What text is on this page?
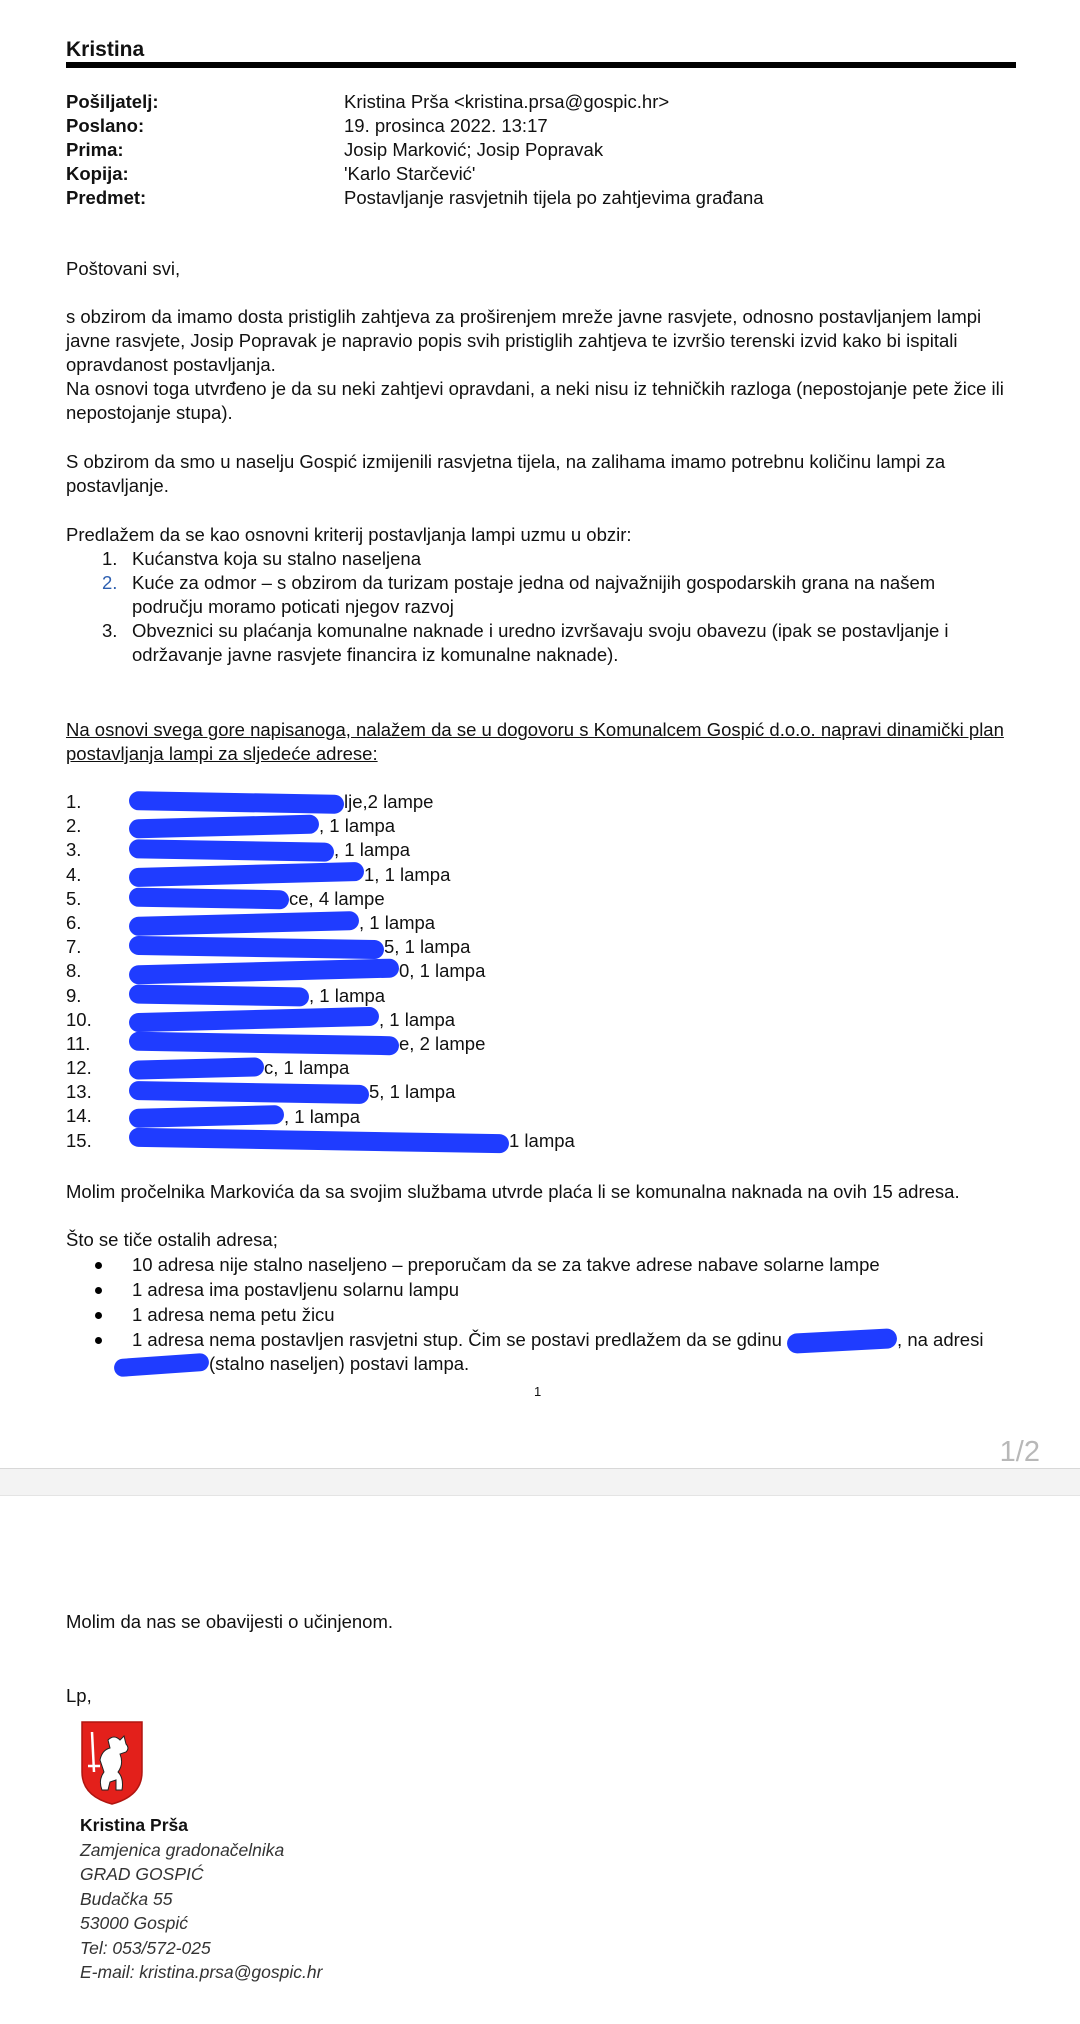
Kristina
Pošiljatelj:	Kristina Prša <kristina.prsa@gospic.hr>
Poslano:	19. prosinca 2022. 13:17
Prima:	Josip Marković; Josip Popravak
Kopija:	'Karlo Starčević'
Predmet:	Postavljanje rasvjetnih tijela po zahtjevima građana
Poštovani svi,
s obzirom da imamo dosta pristiglih zahtjeva za proširenjem mreže javne rasvjete, odnosno postavljanjem lampi javne rasvjete, Josip Popravak je napravio popis svih pristiglih zahtjeva te izvršio terenski izvid kako bi ispitali opravdanost postavljanja.
Na osnovi toga utvrđeno je da su neki zahtjevi opravdani, a neki nisu iz tehničkih razloga (nepostojanje pete žice ili nepostojanje stupa).
S obzirom da smo u naselju Gospić izmijenili rasvjetna tijela, na zalihama imamo potrebnu količinu lampi za postavljanje.
Predlažem da se kao osnovni kriterij postavljanja lampi uzmu u obzir:
1. Kućanstva koja su stalno naseljena
2. Kuće za odmor – s obzirom da turizam postaje jedna od najvažnijih gospodarskih grana na našem području moramo poticati njegov razvoj
3. Obveznici su plaćanja komunalne naknade i uredno izvršavaju svoju obavezu (ipak se postavljanje i održavanje javne rasvjete financira iz komunalne naknade).
Na osnovi svega gore napisanoga, nalažem da se u dogovoru s Komunalcem Gospić d.o.o. napravi dinamički plan postavljanja lampi za sljedeće adrese:
1.	lje,2 lampe
2.	, 1 lampa
3.	, 1 lampa
4.	1, 1 lampa
5.	ce, 4 lampe
6.	, 1 lampa
7.	5, 1 lampa
8.	0, 1 lampa
9.	, 1 lampa
10.	, 1 lampa
11.	e, 2 lampe
12.	c, 1 lampa
13.	5, 1 lampa
14.	, 1 lampa
15.	1 lampa
Molim pročelnika Markovića da sa svojim službama utvrde plaća li se komunalna naknada na ovih 15 adresa.
Što se tiče ostalih adresa;
10 adresa nije stalno naseljeno – preporučam da se za takve adrese nabave solarne lampe
1 adresa ima postavljenu solarnu lampu
1 adresa nema petu žicu
1 adresa nema postavljen rasvjetni stup. Čim se postavi predlažem da se gdinu	, na adresi
(stalno naseljen) postavi lampa.
1
1/2
Molim da nas se obavijesti o učinjenom.
Lp,
Kristina Prša
Zamjenica gradonačelnika
GRAD GOSPIĆ
Budačka 55
53000 Gospić
Tel: 053/572-025
E-mail: kristina.prsa@gospic.hr
